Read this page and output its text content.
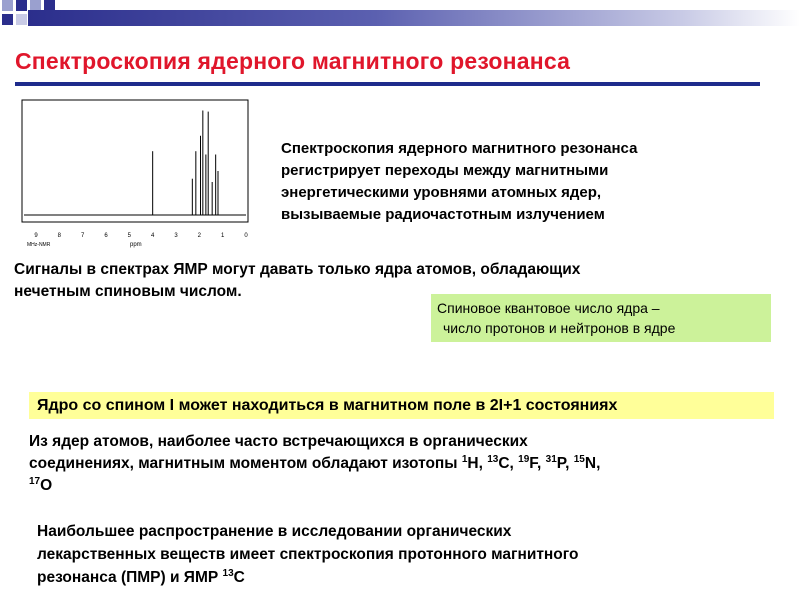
Спектроскопия ядерного магнитного резонанса
9	8	7	6	5	4	3	2	1	0
MHz-NMR	ppm
Спектроскопия ядерного магнитного резонанса
регистрирует переходы между магнитными
энергетическими уровнями атомных ядер,
вызываемые радиочастотным излучением
Сигналы в спектрах ЯМР могут давать только ядра атомов, обладающих
нечетным спиновым числом.
Спиновое квантовое число ядра –
число протонов и нейтронов в ядре
Ядро со спином I может находиться в магнитном поле в 2I+1 состояниях
Из ядер атомов, наиболее часто встречающихся в органических
соединениях, магнитным моментом обладают изотопы $^1$H, $^{13}$C, $^{19}$F, $^{31}$P, $^{15}$N,
$^{17}$O
Наибольшее распространение в исследовании органических
лекарственных веществ имеет спектроскопия протонного магнитного
резонанса (ПМР) и ЯМР $^{13}$C
